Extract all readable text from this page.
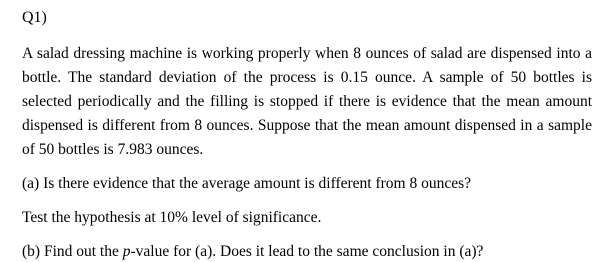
Q1)

A salad dressing machine is working properly when 8 ounces of salad are dispensed into a bottle. The standard deviation of the process is 0.15 ounce. A sample of 50 bottles is selected periodically and the filling is stopped if there is evidence that the mean amount dispensed is different from 8 ounces. Suppose that the mean amount dispensed in a sample of 50 bottles is 7.983 ounces.

(a) Is there evidence that the average amount is different from 8 ounces?

Test the hypothesis at 10% level of significance.

(b) Find out the p-value for (a). Does it lead to the same conclusion in (a)?
